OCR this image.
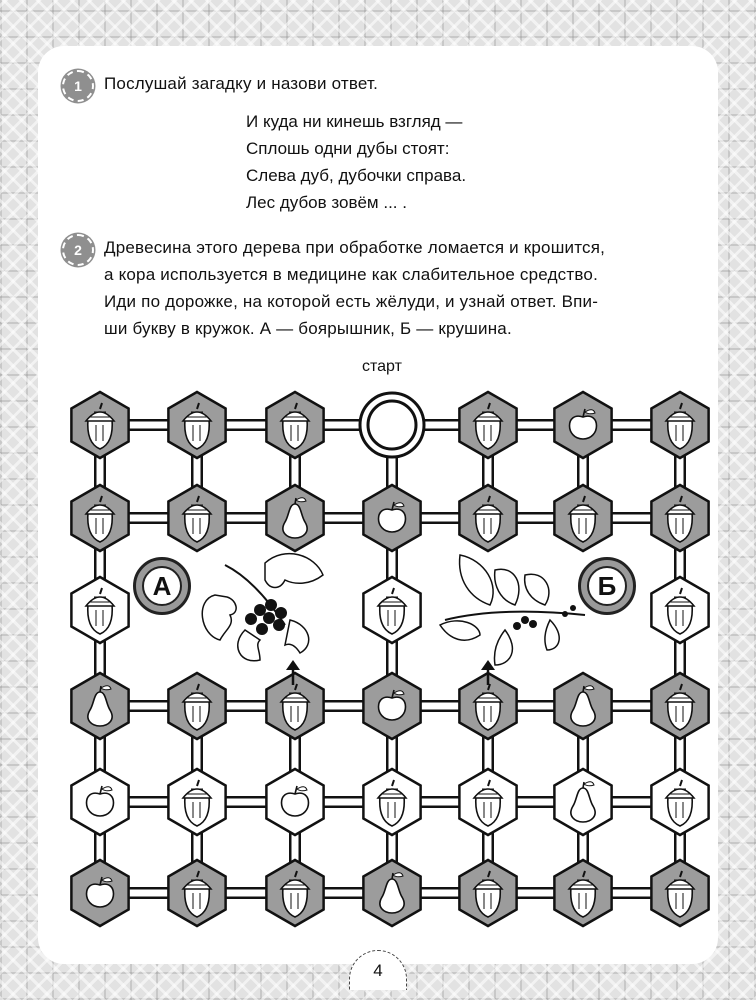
1	Послушай загадку и назови ответ.
И куда ни кинешь взгляд —
Сплошь одни дубы стоят:
Слева дуб, дубочки справа.
Лес дубов зовём ... .
2	Древесина этого дерева при обработке ломается и крошится,
а кора используется в медицине как слабительное средство.
Иди по дорожке, на которой есть жёлуди, и узнай ответ. Впи-
ши букву в кружок. А — боярышник, Б — крушина.
старт
А	Б
4
